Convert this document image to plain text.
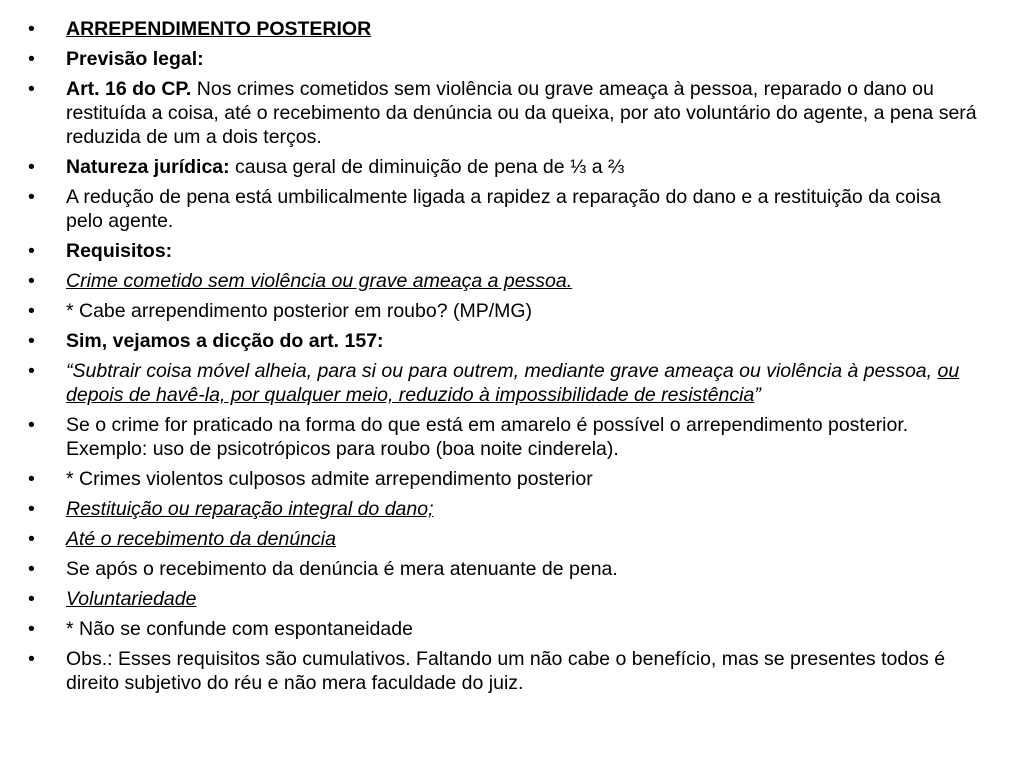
•	ARREPENDIMENTO POSTERIOR
•	Previsão legal:
•	Art. 16 do CP. Nos crimes cometidos sem violência ou grave ameaça à pessoa, reparado o dano ou restituída a coisa, até o recebimento da denúncia ou da queixa, por ato voluntário do agente, a pena será reduzida de um a dois terços.
•	Natureza jurídica: causa geral de diminuição de pena de ⅓ a ⅔
•	A redução de pena está umbilicalmente ligada a rapidez a reparação do dano e a restituição da coisa pelo agente.
•	Requisitos:
•	Crime cometido sem violência ou grave ameaça a pessoa.
•	* Cabe arrependimento posterior em roubo? (MP/MG)
•	Sim, vejamos a dicção do art. 157:
•	“Subtrair coisa móvel alheia, para si ou para outrem, mediante grave ameaça ou violência à pessoa, ou depois de havê-la, por qualquer meio, reduzido à impossibilidade de resistência”
•	Se o crime for praticado na forma do que está em amarelo é possível o arrependimento posterior. Exemplo: uso de psicotrópicos para roubo (boa noite cinderela).
•	* Crimes violentos culposos admite arrependimento posterior
•	Restituição ou reparação integral do dano;
•	Até o recebimento da denúncia
•	Se após o recebimento da denúncia é mera atenuante de pena.
•	Voluntariedade
•	* Não se confunde com espontaneidade
•	Obs.: Esses requisitos são cumulativos. Faltando um não cabe o benefício, mas se presentes todos é direito subjetivo do réu e não mera faculdade do juiz.
